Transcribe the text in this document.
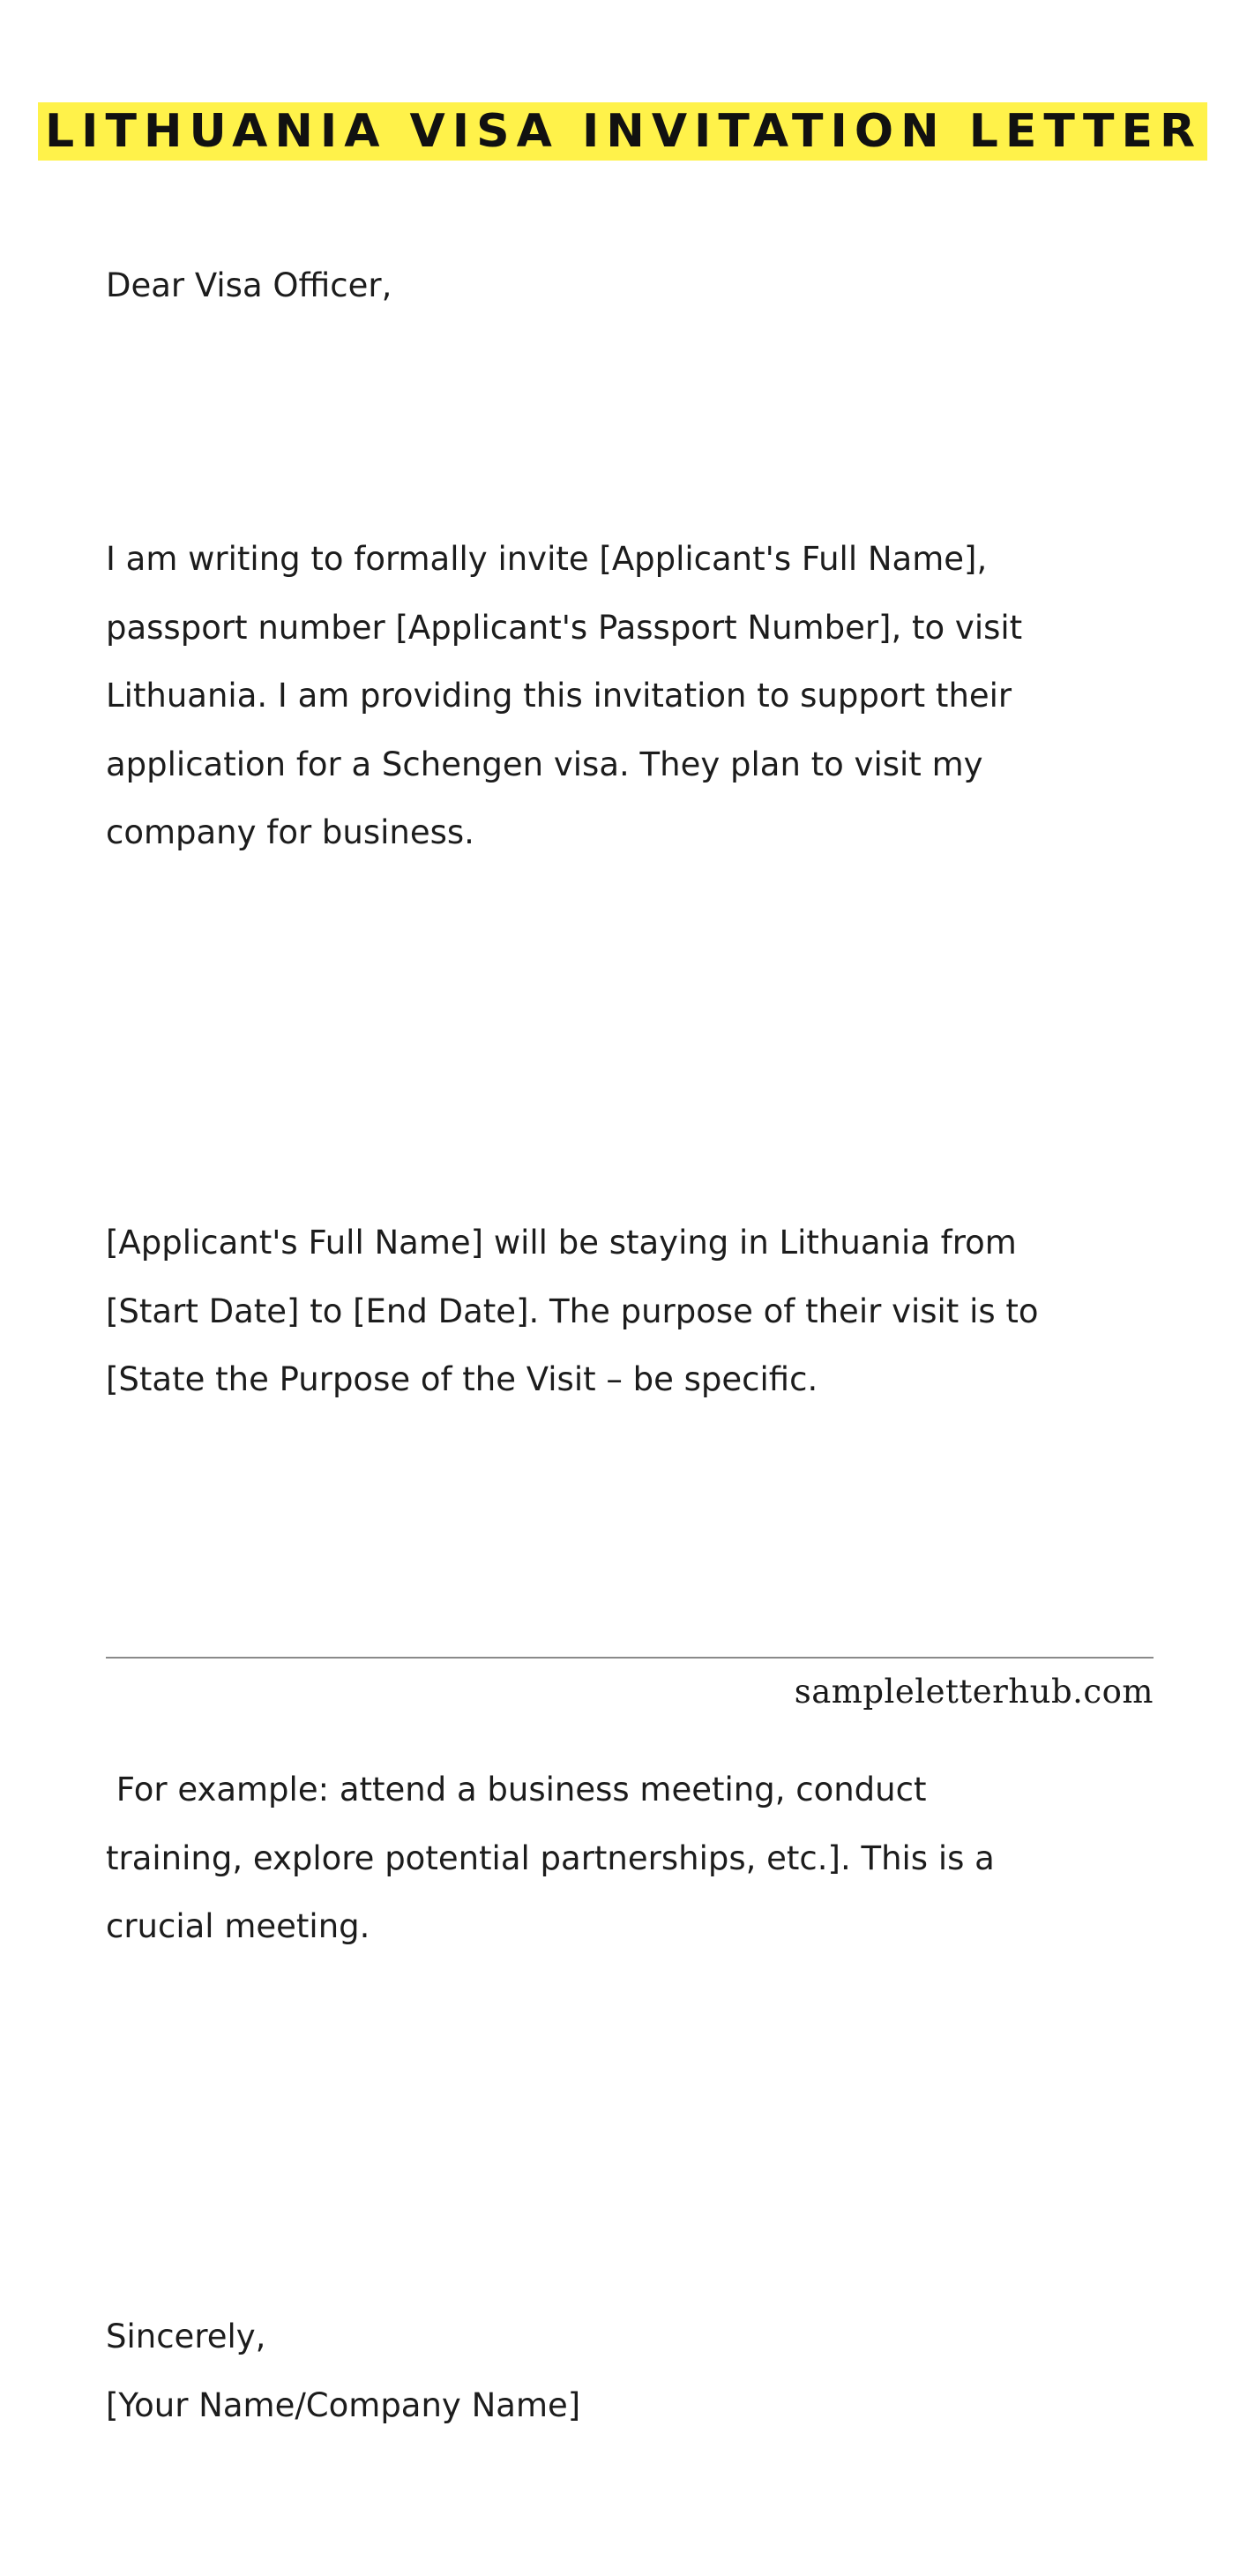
LITHUANIA VISA INVITATION LETTER

Dear Visa Officer,

I am writing to formally invite [Applicant's Full Name],
passport number [Applicant's Passport Number], to visit
Lithuania. I am providing this invitation to support their
application for a Schengen visa. They plan to visit my
company for business.

[Applicant's Full Name] will be staying in Lithuania from
[Start Date] to [End Date]. The purpose of their visit is to
[State the Purpose of the Visit – be specific.

For example: attend a business meeting, conduct
training, explore potential partnerships, etc.]. This is a
crucial meeting.

Sincerely,
[Your Name/Company Name]

sampleletterhub.com
